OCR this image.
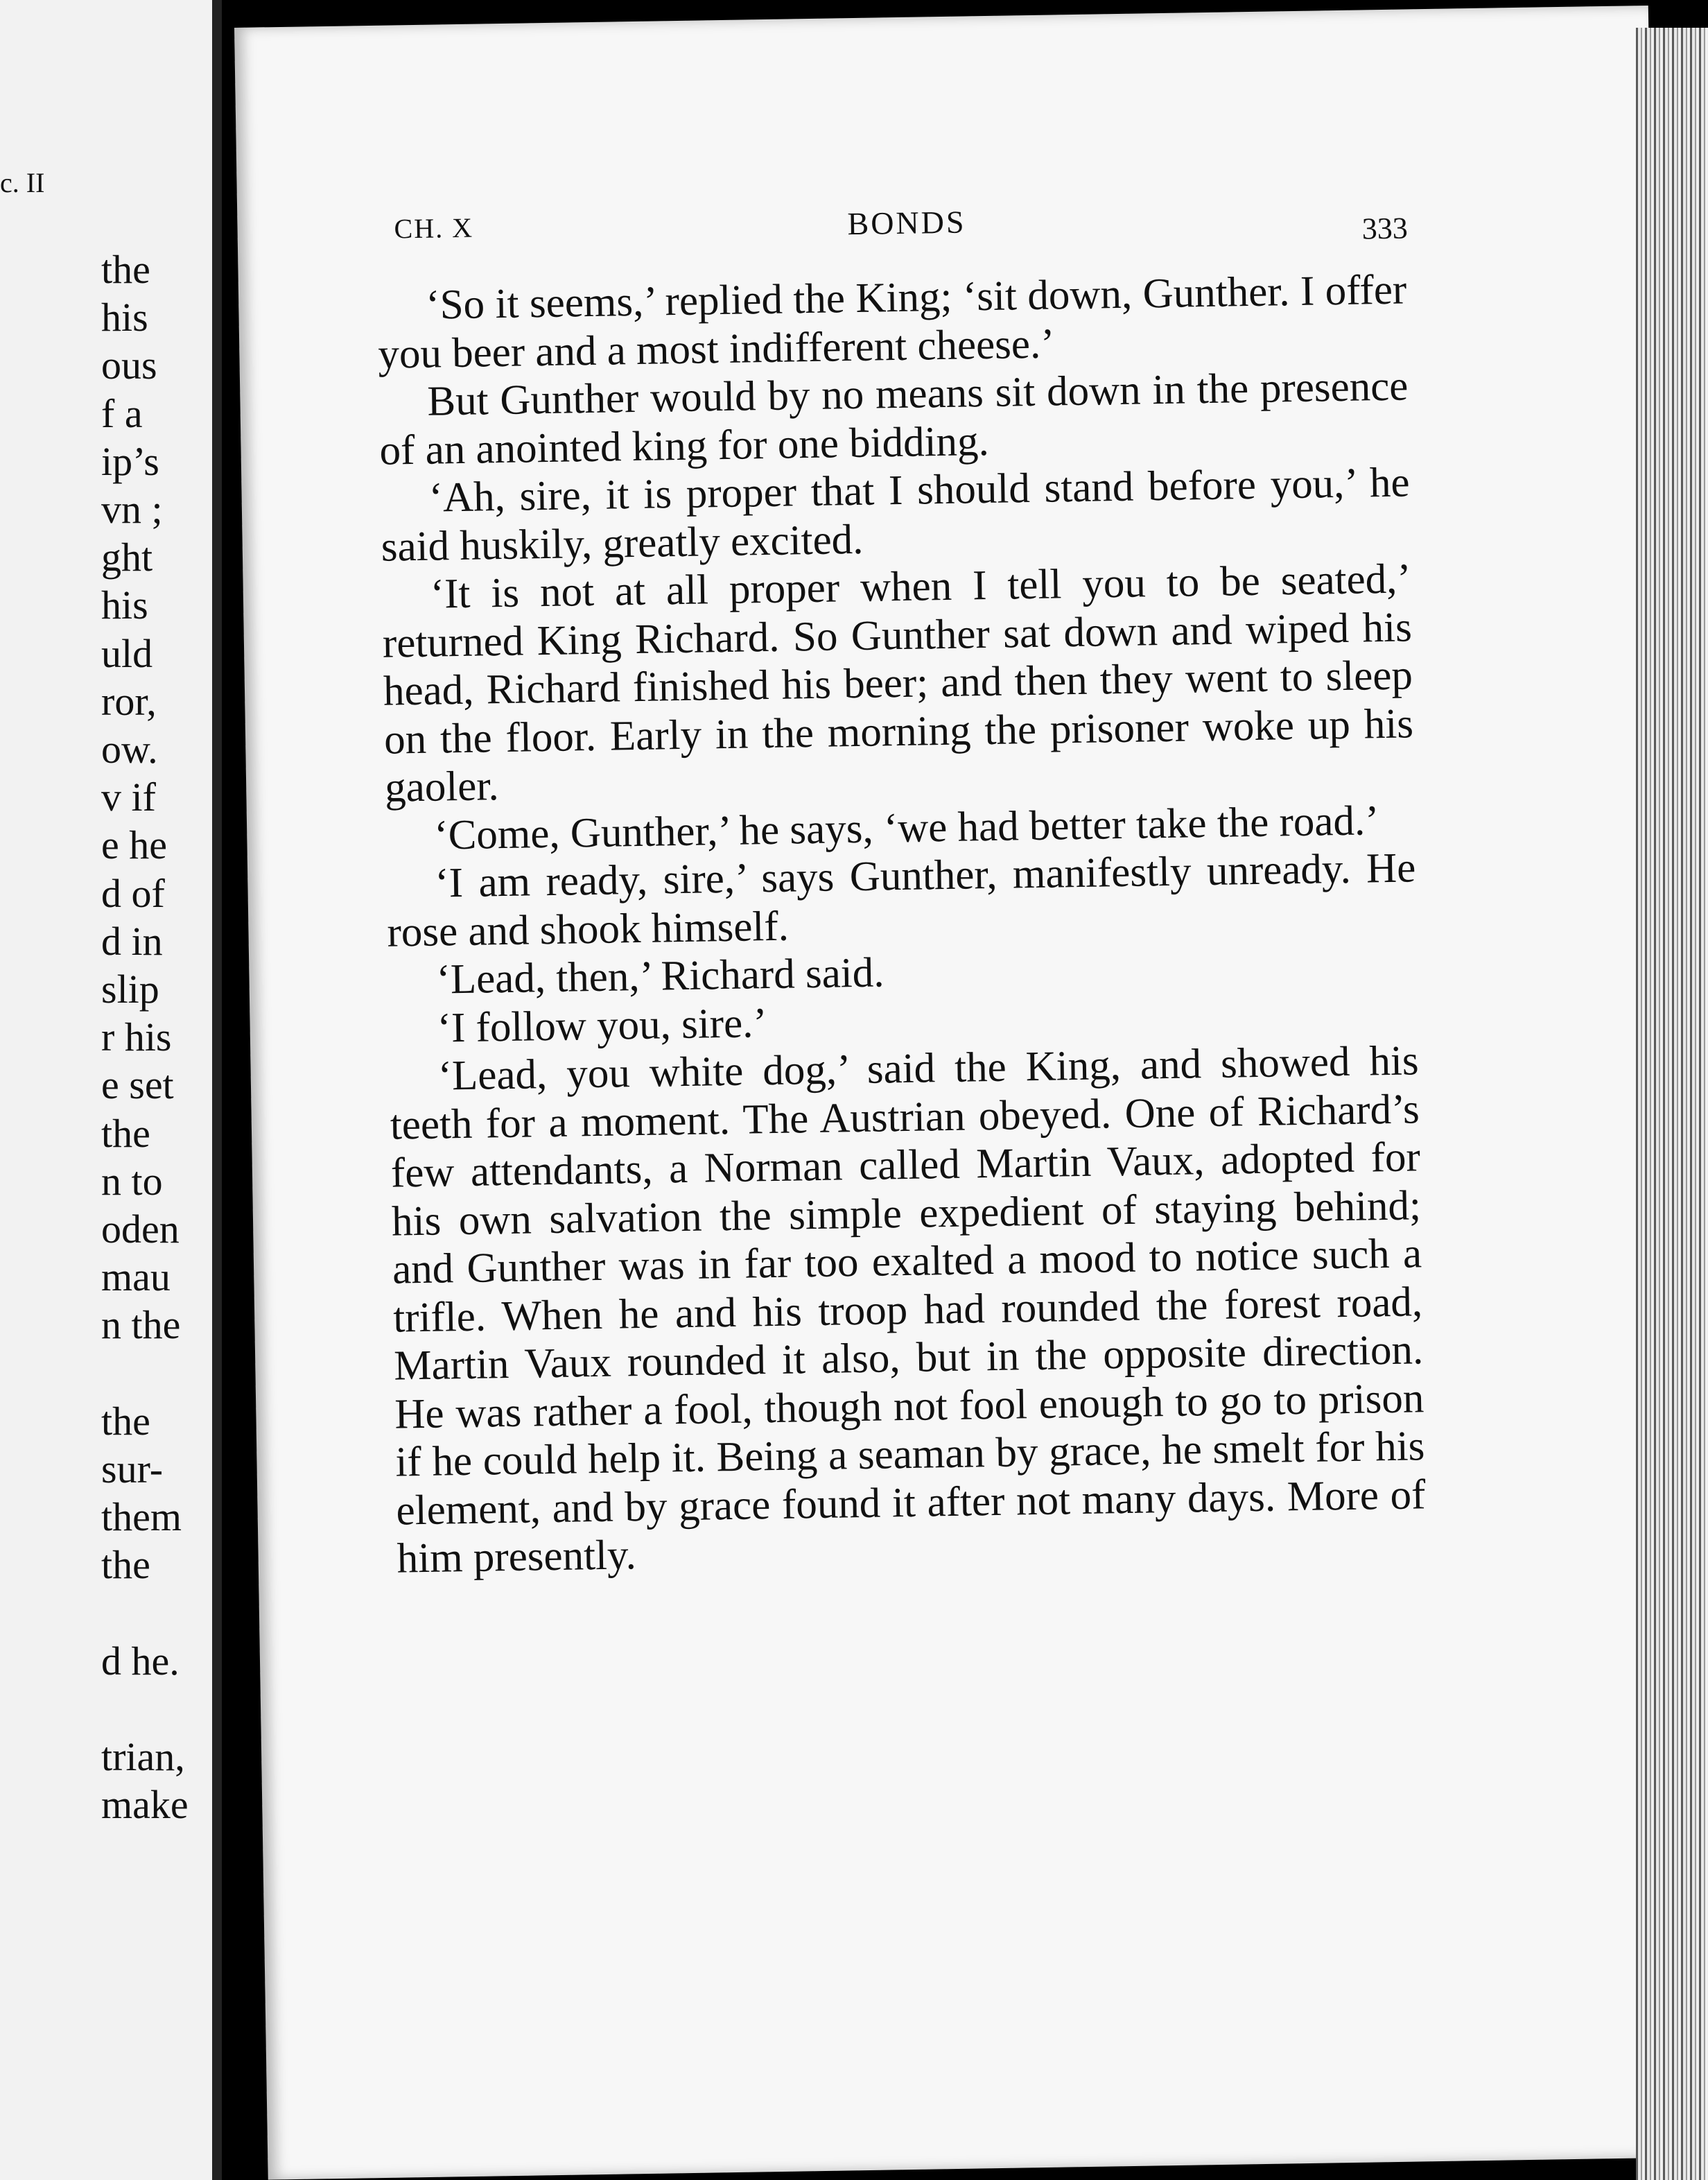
c. II
the
his
ous
f a
ip’s
vn ;
ght
his
uld
ror,
ow.
v if
e he
d of
d in
slip
r his
e set
the
n to
oden
mau
n the
the
sur-
them
the
d he.
trian,
make
CH. X	BONDS	333

‘So it seems,’ replied the King; ‘sit down, Gunther. I offer you beer and a most indifferent cheese.’

But Gunther would by no means sit down in the presence of an anointed king for one bidding.

‘Ah, sire, it is proper that I should stand before you,’ he said huskily, greatly excited.

‘It is not at all proper when I tell you to be seated,’ returned King Richard. So Gunther sat down and wiped his head, Richard finished his beer; and then they went to sleep on the floor. Early in the morning the prisoner woke up his gaoler.

‘Come, Gunther,’ he says, ‘we had better take the road.’

‘I am ready, sire,’ says Gunther, manifestly unready. He rose and shook himself.

‘Lead, then,’ Richard said.

‘I follow you, sire.’

‘Lead, you white dog,’ said the King, and showed his teeth for a moment. The Austrian obeyed. One of Richard’s few attendants, a Norman called Martin Vaux, adopted for his own salvation the simple expedient of staying behind; and Gunther was in far too exalted a mood to notice such a trifle. When he and his troop had rounded the forest road, Martin Vaux rounded it also, but in the opposite direction. He was rather a fool, though not fool enough to go to prison if he could help it. Being a seaman by grace, he smelt for his element, and by grace found it after not many days. More of him presently.
